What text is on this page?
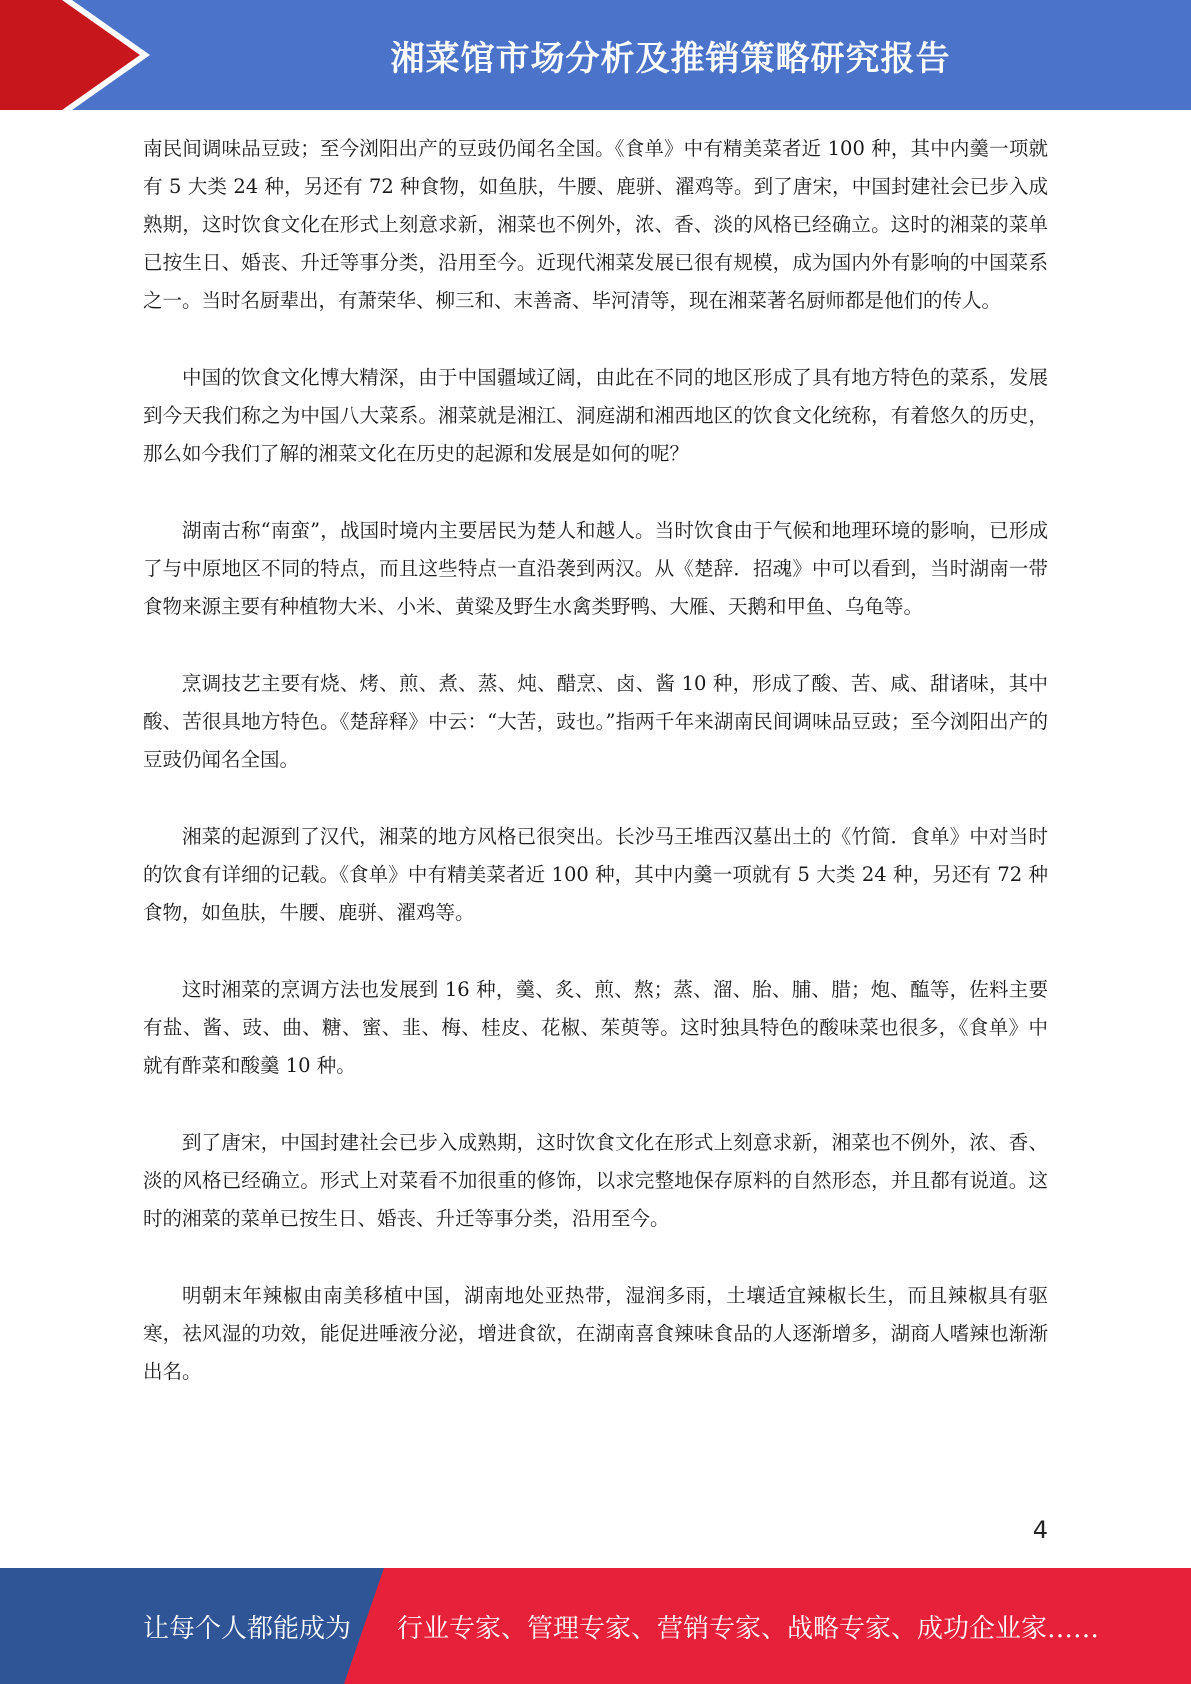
湘菜馆市场分析及推销策略研究报告

南民间调味品豆豉；至今浏阳出产的豆豉仍闻名全国。《食单》中有精美菜者近 100 种，其中内羹一项就有 5 大类 24 种，另还有 72 种食物，如鱼肤，牛腰、鹿骈、濯鸡等。到了唐宋，中国封建社会已步入成熟期，这时饮食文化在形式上刻意求新，湘菜也不例外，浓、香、淡的风格已经确立。这时的湘菜的菜单已按生日、婚丧、升迁等事分类，沿用至今。近现代湘菜发展已很有规模，成为国内外有影响的中国菜系之一。当时名厨辈出，有萧荣华、柳三和、末善斋、毕河清等，现在湘菜著名厨师都是他们的传人。

中国的饮食文化博大精深，由于中国疆域辽阔，由此在不同的地区形成了具有地方特色的菜系，发展到今天我们称之为中国八大菜系。湘菜就是湘江、洞庭湖和湘西地区的饮食文化统称，有着悠久的历史，那么如今我们了解的湘菜文化在历史的起源和发展是如何的呢？

湖南古称“南蛮”，战国时境内主要居民为楚人和越人。当时饮食由于气候和地理环境的影响，已形成了与中原地区不同的特点，而且这些特点一直沿袭到两汉。从《楚辞．招魂》中可以看到，当时湖南一带食物来源主要有种植物大米、小米、黄粱及野生水禽类野鸭、大雁、天鹅和甲鱼、乌龟等。

烹调技艺主要有烧、烤、煎、煮、蒸、炖、醋烹、卤、酱 10 种，形成了酸、苦、咸、甜诸味，其中酸、苦很具地方特色。《楚辞释》中云：“大苦，豉也。”指两千年来湖南民间调味品豆豉；至今浏阳出产的豆豉仍闻名全国。

湘菜的起源到了汉代，湘菜的地方风格已很突出。长沙马王堆西汉墓出土的《竹简．食单》中对当时的饮食有详细的记载。《食单》中有精美菜者近 100 种，其中内羹一项就有 5 大类 24 种，另还有 72 种食物，如鱼肤，牛腰、鹿骈、濯鸡等。

这时湘菜的烹调方法也发展到 16 种，羹、炙、煎、熬；蒸、溜、胎、脯、腊；炮、醢等，佐料主要有盐、酱、豉、曲、糖、蜜、韭、梅、桂皮、花椒、茱萸等。这时独具特色的酸味菜也很多，《食单》中就有酢菜和酸羹 10 种。

到了唐宋，中国封建社会已步入成熟期，这时饮食文化在形式上刻意求新，湘菜也不例外，浓、香、淡的风格已经确立。形式上对菜看不加很重的修饰，以求完整地保存原料的自然形态，并且都有说道。这时的湘菜的菜单已按生日、婚丧、升迁等事分类，沿用至今。

明朝末年辣椒由南美移植中国，湖南地处亚热带，湿润多雨，土壤适宜辣椒长生，而且辣椒具有驱寒，祛风湿的功效，能促进唾液分泌，增进食欲，在湖南喜食辣味食品的人逐渐增多，湖商人嗜辣也渐渐出名。

4
让每个人都能成为 行业专家、管理专家、营销专家、战略专家、成功企业家……
